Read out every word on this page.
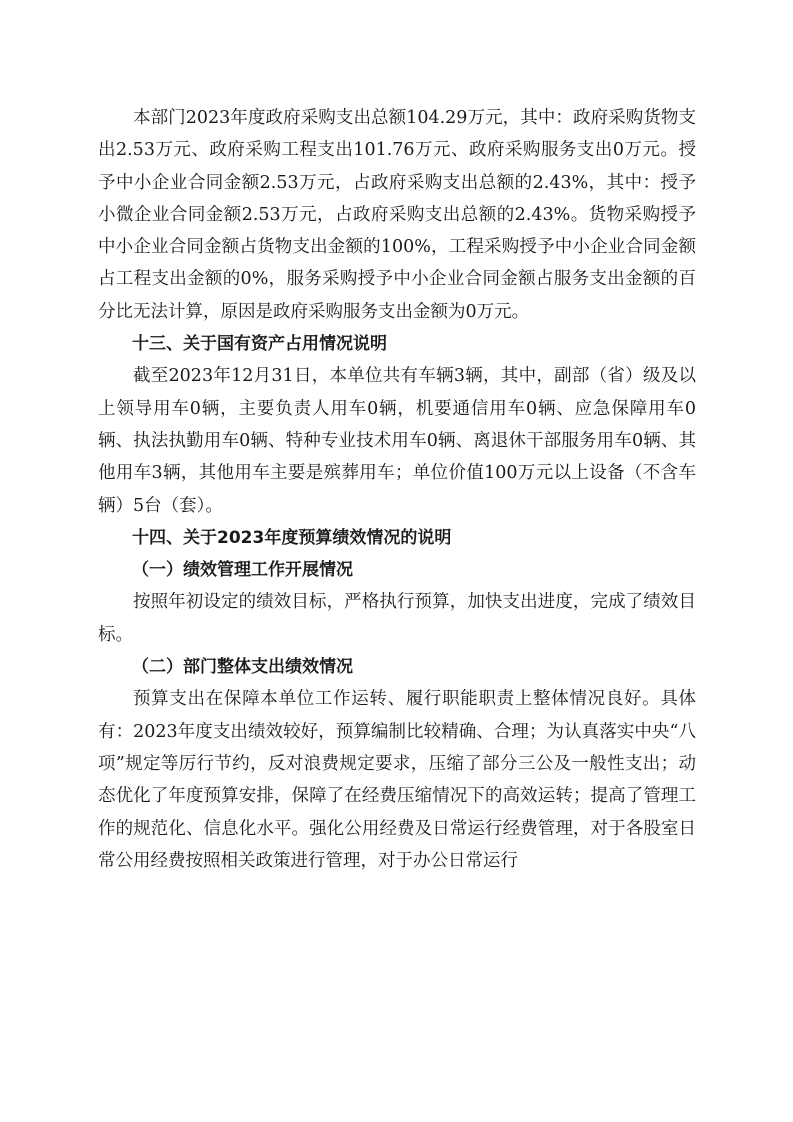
本部门2023年度政府采购支出总额104.29万元，其中：政府采购货物支出2.53万元、政府采购工程支出101.76万元、政府采购服务支出0万元。授予中小企业合同金额2.53万元，占政府采购支出总额的2.43%，其中：授予小微企业合同金额2.53万元，占政府采购支出总额的2.43%。货物采购授予中小企业合同金额占货物支出金额的100%，工程采购授予中小企业合同金额占工程支出金额的0%，服务采购授予中小企业合同金额占服务支出金额的百分比无法计算，原因是政府采购服务支出金额为0万元。

十三、关于国有资产占用情况说明

截至2023年12月31日，本单位共有车辆3辆，其中，副部（省）级及以上领导用车0辆，主要负责人用车0辆，机要通信用车0辆、应急保障用车0辆、执法执勤用车0辆、特种专业技术用车0辆、离退休干部服务用车0辆、其他用车3辆，其他用车主要是殡葬用车；单位价值100万元以上设备（不含车辆）5台（套）。

十四、关于2023年度预算绩效情况的说明

（一）绩效管理工作开展情况

按照年初设定的绩效目标，严格执行预算，加快支出进度，完成了绩效目标。

（二）部门整体支出绩效情况

预算支出在保障本单位工作运转、履行职能职责上整体情况良好。具体有：2023年度支出绩效较好，预算编制比较精确、合理；为认真落实中央“八项”规定等厉行节约，反对浪费规定要求，压缩了部分三公及一般性支出；动态优化了年度预算安排，保障了在经费压缩情况下的高效运转；提高了管理工作的规范化、信息化水平。强化公用经费及日常运行经费管理，对于各股室日常公用经费按照相关政策进行管理，对于办公日常运行
